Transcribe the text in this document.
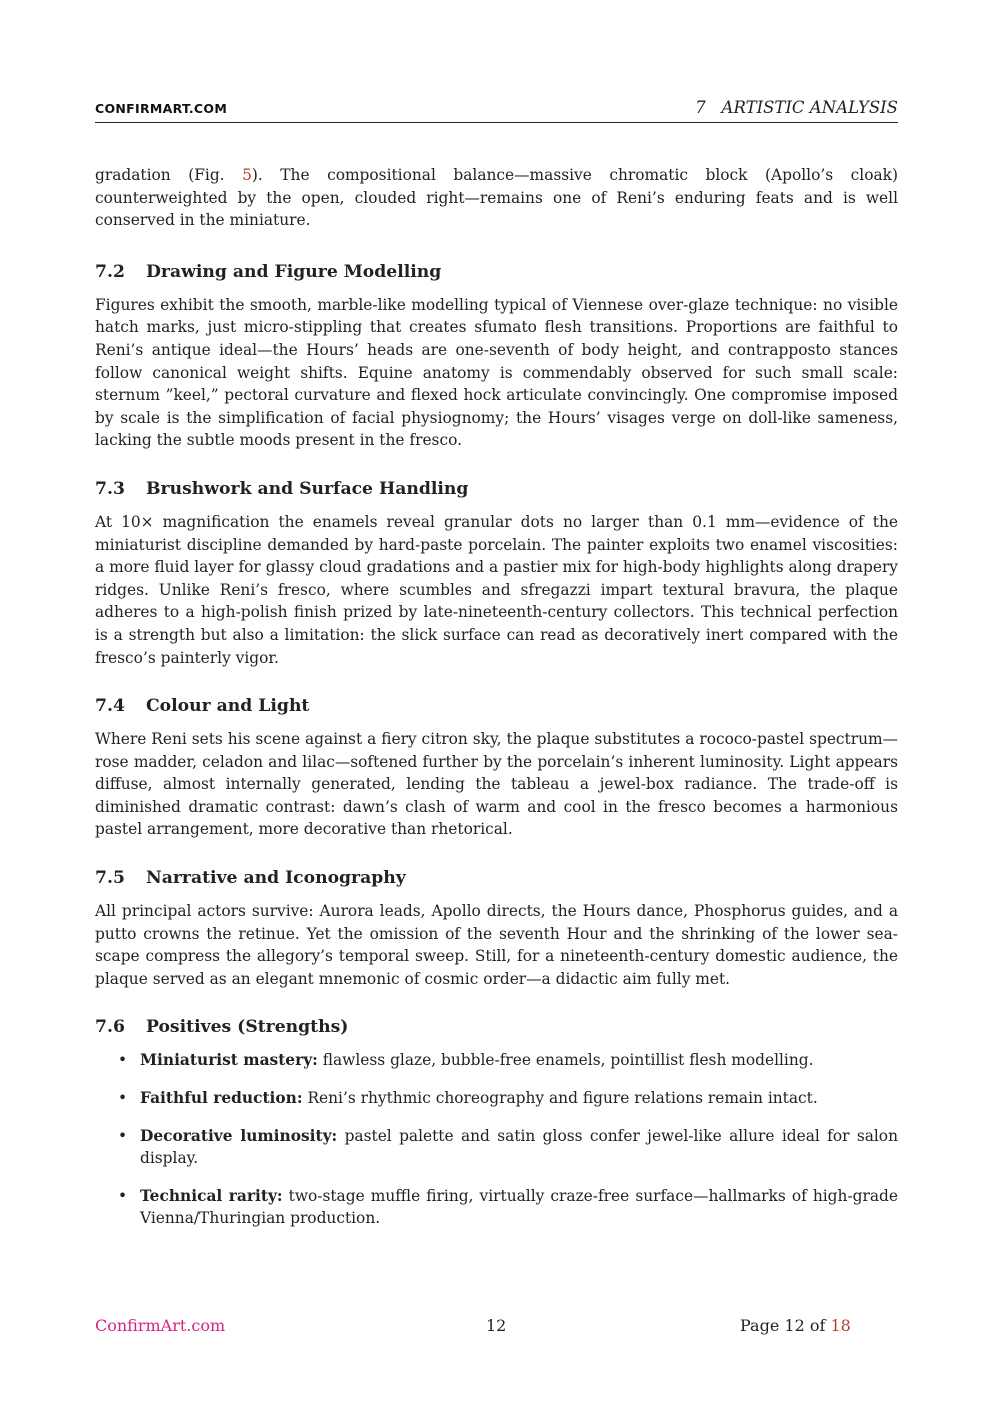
CONFIRMART.COM	7   ARTISTIC ANALYSIS

gradation (Fig. 5). The compositional balance—massive chromatic block (Apollo’s cloak) counterweighted by the open, clouded right—remains one of Reni’s enduring feats and is well conserved in the miniature.

7.2 Drawing and Figure Modelling

Figures exhibit the smooth, marble-like modelling typical of Viennese over-glaze technique: no visible hatch marks, just micro-stippling that creates sfumato flesh transitions. Proportions are faithful to Reni’s antique ideal—the Hours’ heads are one-seventh of body height, and contrapposto stances follow canonical weight shifts. Equine anatomy is commendably observed for such small scale: sternum ”keel,” pectoral curvature and flexed hock articulate convincingly. One compromise imposed by scale is the simplification of facial physiognomy; the Hours’ visages verge on doll-like sameness, lacking the subtle moods present in the fresco.

7.3 Brushwork and Surface Handling

At 10× magnification the enamels reveal granular dots no larger than 0.1 mm—evidence of the miniaturist discipline demanded by hard-paste porcelain. The painter exploits two enamel viscosities: a more fluid layer for glassy cloud gradations and a pastier mix for high-body highlights along drapery ridges. Unlike Reni’s fresco, where scumbles and sfregazzi impart textural bravura, the plaque adheres to a high-polish finish prized by late-nineteenth-century collectors. This technical perfection is a strength but also a limitation: the slick surface can read as decoratively inert compared with the fresco’s painterly vigor.

7.4 Colour and Light

Where Reni sets his scene against a fiery citron sky, the plaque substitutes a rococo-pastel spectrum—rose madder, celadon and lilac—softened further by the porcelain’s inherent luminosity. Light appears diffuse, almost internally generated, lending the tableau a jewel-box radiance. The trade-off is diminished dramatic contrast: dawn’s clash of warm and cool in the fresco becomes a harmonious pastel arrangement, more decorative than rhetorical.

7.5 Narrative and Iconography

All principal actors survive: Aurora leads, Apollo directs, the Hours dance, Phosphorus guides, and a putto crowns the retinue. Yet the omission of the seventh Hour and the shrinking of the lower sea-scape compress the allegory’s temporal sweep. Still, for a nineteenth-century domestic audience, the plaque served as an elegant mnemonic of cosmic order—a didactic aim fully met.

7.6 Positives (Strengths)
• Miniaturist mastery: flawless glaze, bubble-free enamels, pointillist flesh modelling.
• Faithful reduction: Reni’s rhythmic choreography and figure relations remain intact.
• Decorative luminosity: pastel palette and satin gloss confer jewel-like allure ideal for salon display.
• Technical rarity: two-stage muffle firing, virtually craze-free surface—hallmarks of high-grade Vienna/Thuringian production.
ConfirmArt.com	12	Page 12 of 18
